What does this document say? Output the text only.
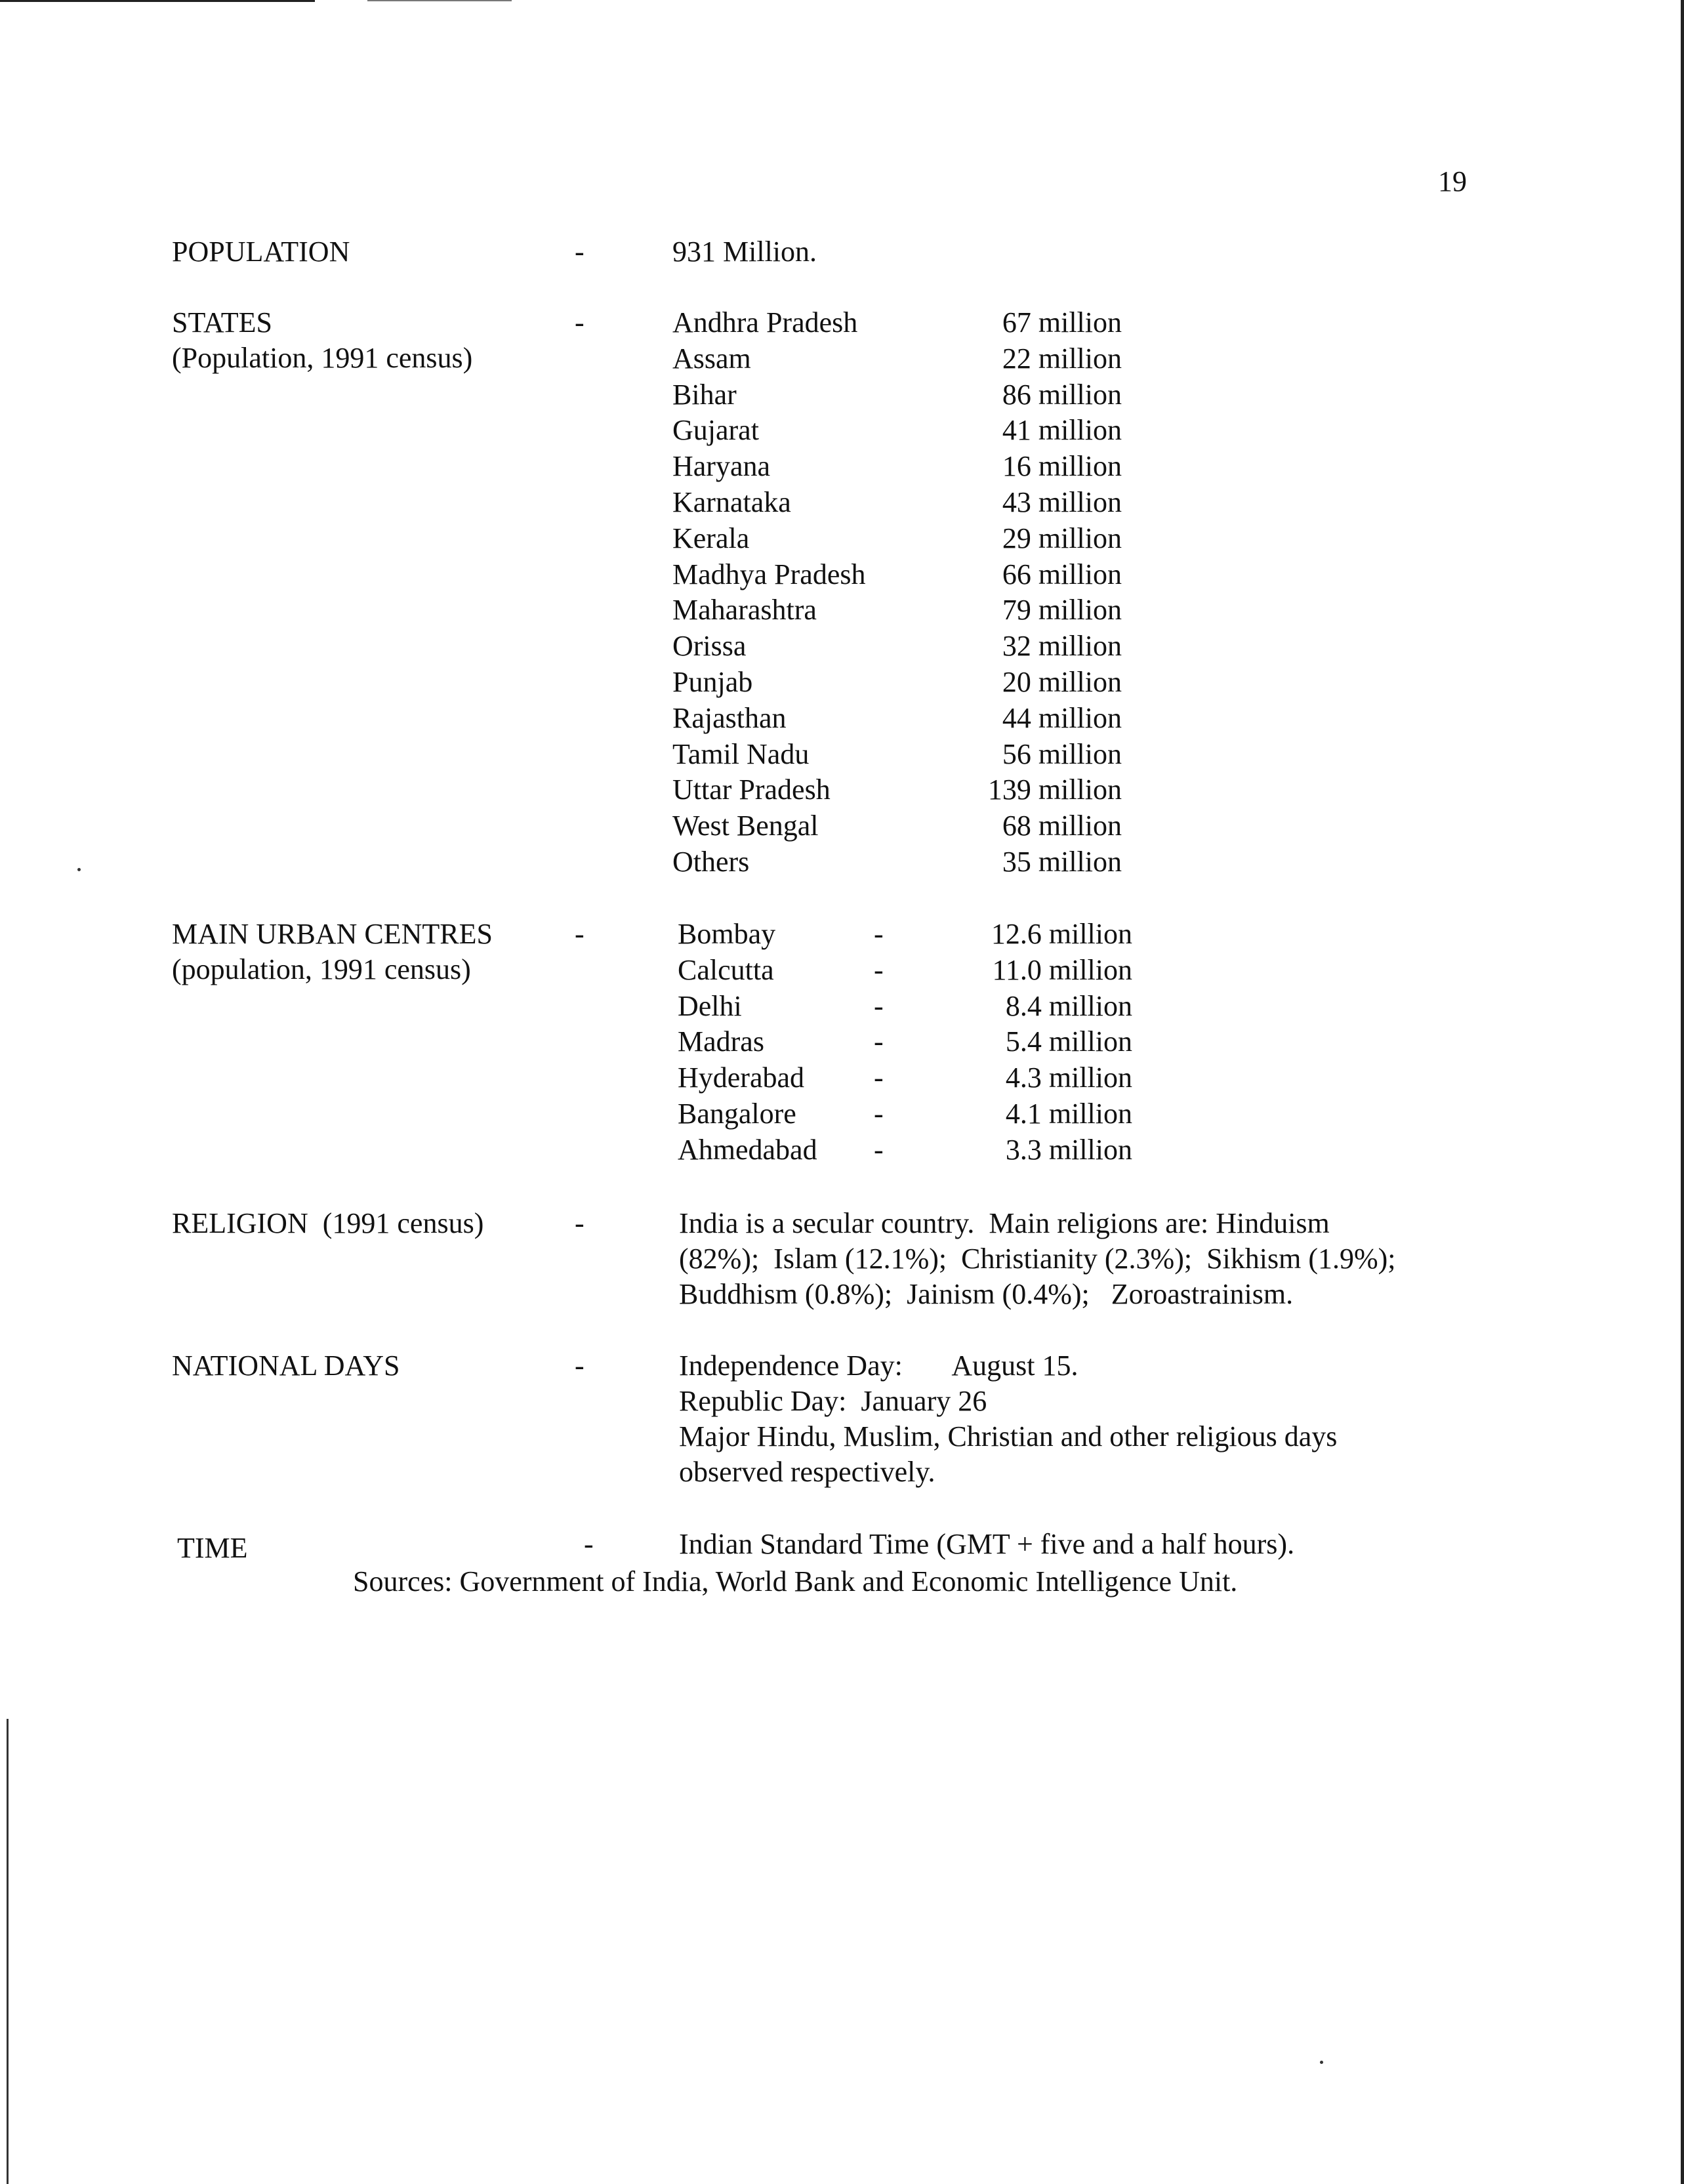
19
POPULATION	-	931 Million.
STATES
(Population, 1991 census)
-	Andhra Pradesh	67 million
Assam	22 million
Bihar	86 million
Gujarat	41 million
Haryana	16 million
Karnataka	43 million
Kerala	29 million
Madhya Pradesh	66 million
Maharashtra	79 million
Orissa	32 million
Punjab	20 million
Rajasthan	44 million
Tamil Nadu	56 million
Uttar Pradesh	139 million
West Bengal	68 million
Others	35 million
MAIN URBAN CENTRES
(population, 1991 census)
-	Bombay	-	12.6 million
Calcutta	-	11.0 million
Delhi	-	8.4 million
Madras	-	5.4 million
Hyderabad -	4.3 million
Bangalore	-	4.1 million
Ahmedabad -	3.3 million
RELIGION  (1991 census)	-	India is a secular country.  Main religions are: Hinduism
(82%);  Islam (12.1%);  Christianity (2.3%);  Sikhism (1.9%);
Buddhism (0.8%);  Jainism (0.4%);   Zoroastrainism.
NATIONAL DAYS	-	Independence Day:       August 15.
Republic Day:  January 26
Major Hindu, Muslim, Christian and other religious days
observed respectively.
TIME	-	Indian Standard Time (GMT + five and a half hours).
Sources: Government of India, World Bank and Economic Intelligence Unit.
